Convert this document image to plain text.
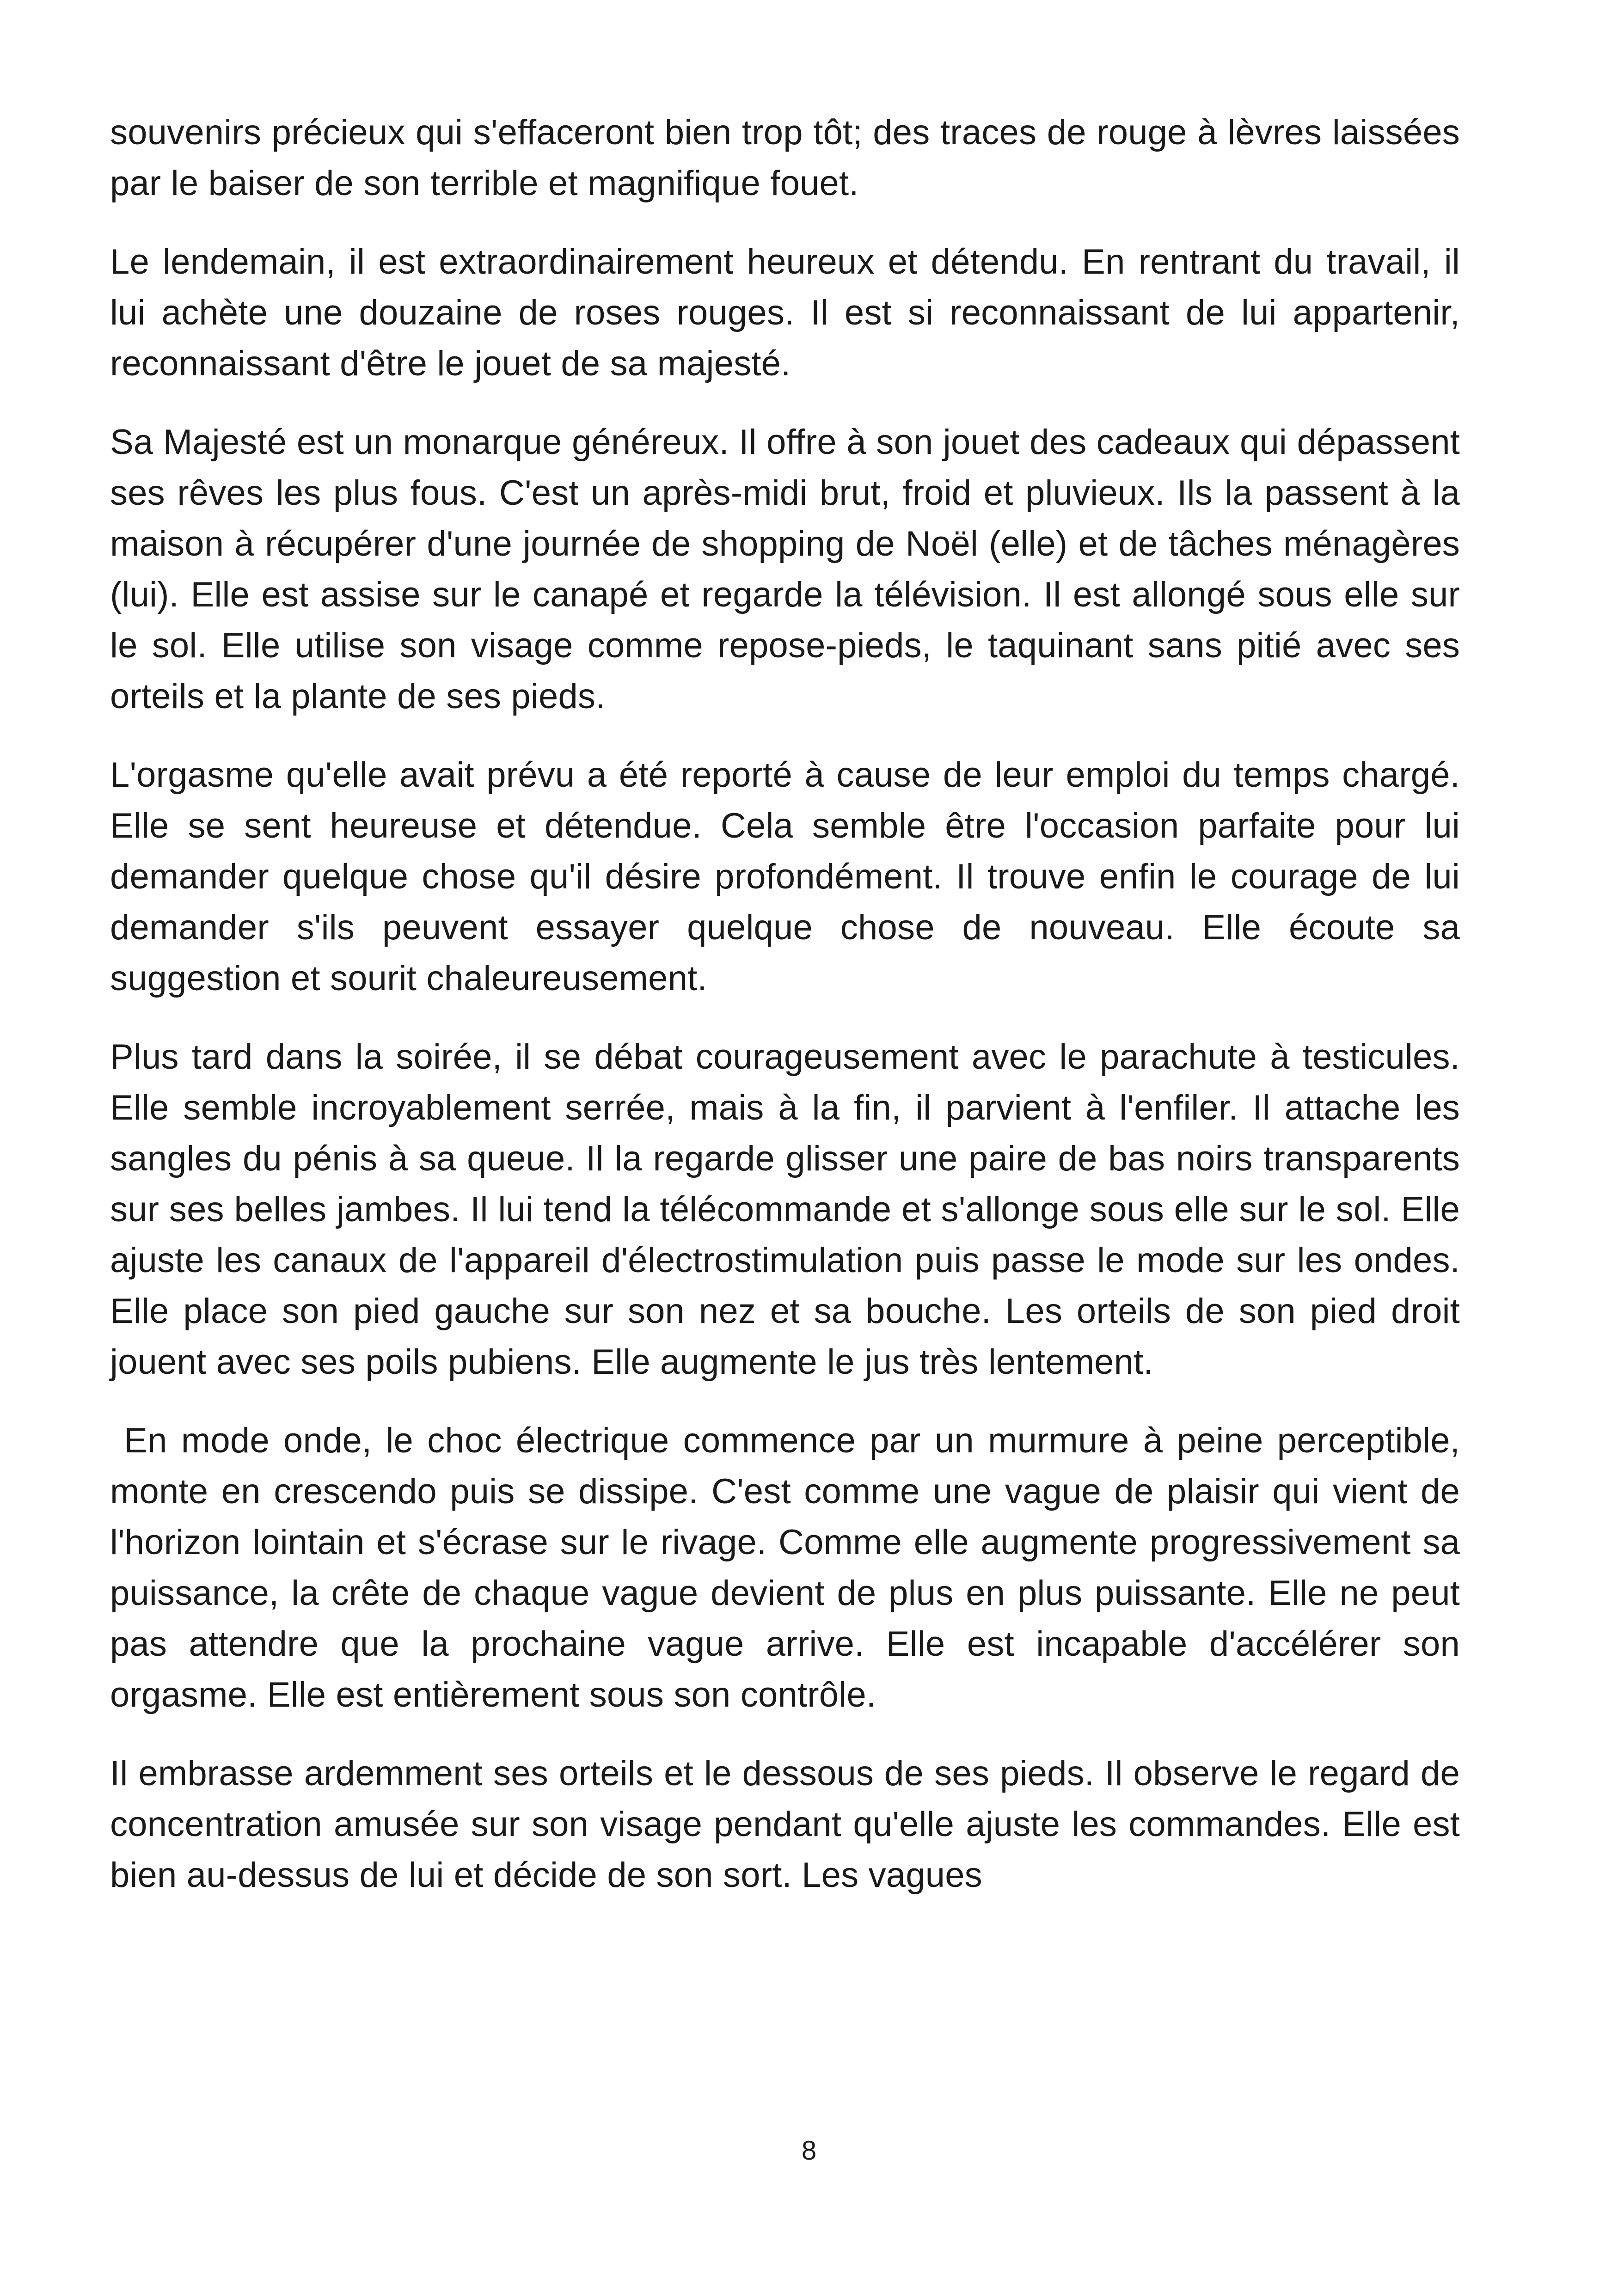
souvenirs précieux qui s'effaceront bien trop tôt; des traces de rouge à lèvres laissées par le baiser de son terrible et magnifique fouet.

Le lendemain, il est extraordinairement heureux et détendu. En rentrant du travail, il lui achète une douzaine de roses rouges. Il est si reconnaissant de lui appartenir, reconnaissant d'être le jouet de sa majesté.

Sa Majesté est un monarque généreux. Il offre à son jouet des cadeaux qui dépassent ses rêves les plus fous. C'est un après-midi brut, froid et pluvieux. Ils la passent à la maison à récupérer d'une journée de shopping de Noël (elle) et de tâches ménagères (lui). Elle est assise sur le canapé et regarde la télévision. Il est allongé sous elle sur le sol. Elle utilise son visage comme repose-pieds, le taquinant sans pitié avec ses orteils et la plante de ses pieds.

L'orgasme qu'elle avait prévu a été reporté à cause de leur emploi du temps chargé. Elle se sent heureuse et détendue. Cela semble être l'occasion parfaite pour lui demander quelque chose qu'il désire profondément. Il trouve enfin le courage de lui demander s'ils peuvent essayer quelque chose de nouveau. Elle écoute sa suggestion et sourit chaleureusement.

Plus tard dans la soirée, il se débat courageusement avec le parachute à testicules. Elle semble incroyablement serrée, mais à la fin, il parvient à l'enfiler. Il attache les sangles du pénis à sa queue. Il la regarde glisser une paire de bas noirs transparents sur ses belles jambes. Il lui tend la télécommande et s'allonge sous elle sur le sol. Elle ajuste les canaux de l'appareil d'électrostimulation puis passe le mode sur les ondes. Elle place son pied gauche sur son nez et sa bouche. Les orteils de son pied droit jouent avec ses poils pubiens. Elle augmente le jus très lentement.

En mode onde, le choc électrique commence par un murmure à peine perceptible, monte en crescendo puis se dissipe. C'est comme une vague de plaisir qui vient de l'horizon lointain et s'écrase sur le rivage. Comme elle augmente progressivement sa puissance, la crête de chaque vague devient de plus en plus puissante. Elle ne peut pas attendre que la prochaine vague arrive. Elle est incapable d'accélérer son orgasme. Elle est entièrement sous son contrôle.

Il embrasse ardemment ses orteils et le dessous de ses pieds. Il observe le regard de concentration amusée sur son visage pendant qu'elle ajuste les commandes. Elle est bien au-dessus de lui et décide de son sort. Les vagues

8
